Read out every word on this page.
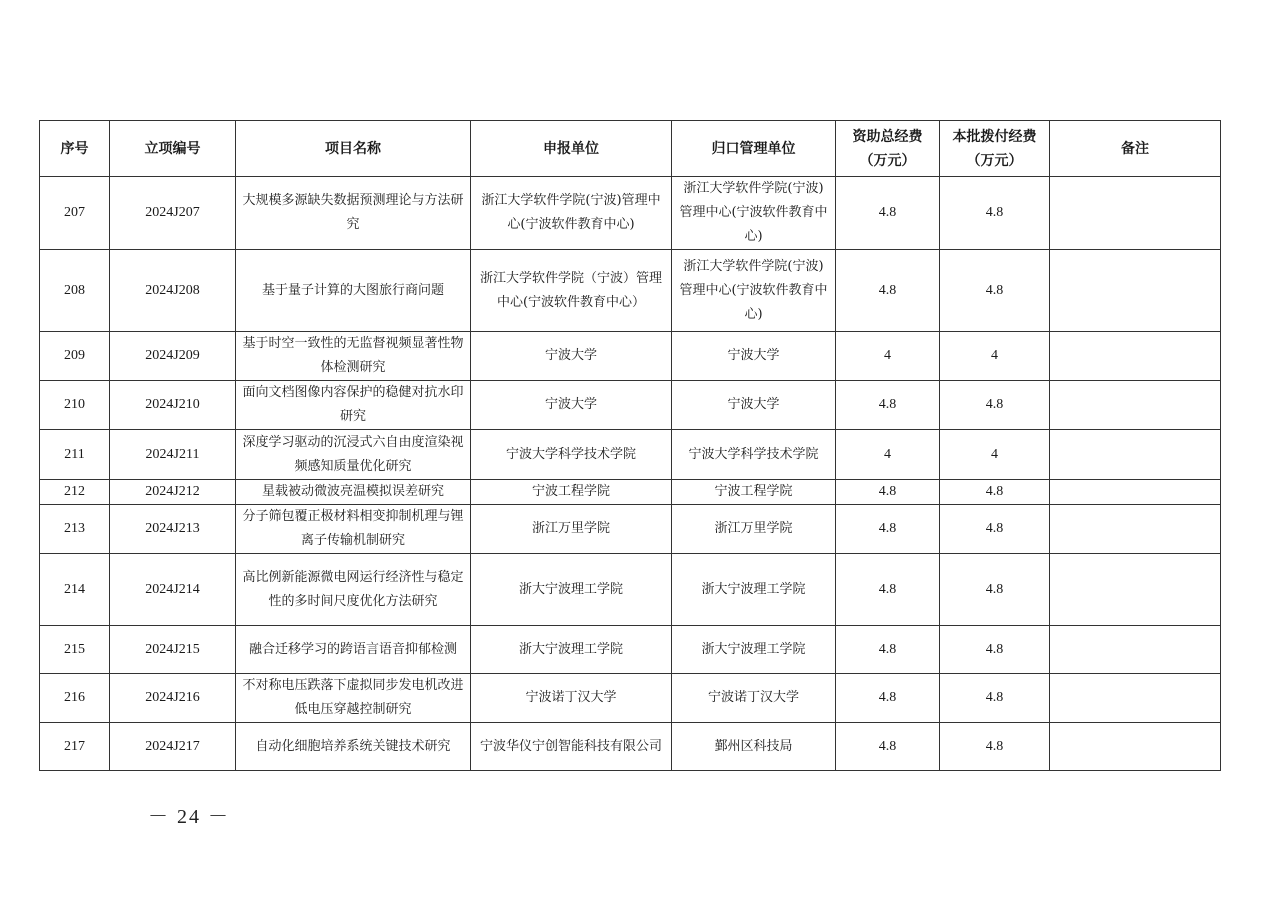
序号	立项编号	项目名称	申报单位	归口管理单位	资助总经费（万元）	本批拨付经费（万元）	备注
207	2024J207	大规模多源缺失数据预测理论与方法研究	浙江大学软件学院(宁波)管理中心(宁波软件教育中心)	浙江大学软件学院(宁波)管理中心(宁波软件教育中心)	4.8	4.8	
208	2024J208	基于量子计算的大图旅行商问题	浙江大学软件学院（宁波）管理中心(宁波软件教育中心）	浙江大学软件学院(宁波)管理中心(宁波软件教育中心)	4.8	4.8	
209	2024J209	基于时空一致性的无监督视频显著性物体检测研究	宁波大学	宁波大学	4	4	
210	2024J210	面向文档图像内容保护的稳健对抗水印研究	宁波大学	宁波大学	4.8	4.8	
211	2024J211	深度学习驱动的沉浸式六自由度渲染视频感知质量优化研究	宁波大学科学技术学院	宁波大学科学技术学院	4	4	
212	2024J212	星载被动微波亮温模拟误差研究	宁波工程学院	宁波工程学院	4.8	4.8	
213	2024J213	分子筛包覆正极材料相变抑制机理与锂离子传输机制研究	浙江万里学院	浙江万里学院	4.8	4.8	
214	2024J214	高比例新能源微电网运行经济性与稳定性的多时间尺度优化方法研究	浙大宁波理工学院	浙大宁波理工学院	4.8	4.8	
215	2024J215	融合迁移学习的跨语言语音抑郁检测	浙大宁波理工学院	浙大宁波理工学院	4.8	4.8	
216	2024J216	不对称电压跌落下虚拟同步发电机改进低电压穿越控制研究	宁波诺丁汉大学	宁波诺丁汉大学	4.8	4.8	
217	2024J217	自动化细胞培养系统关键技术研究	宁波华仪宁创智能科技有限公司	鄞州区科技局	4.8	4.8	
－ 24 －
